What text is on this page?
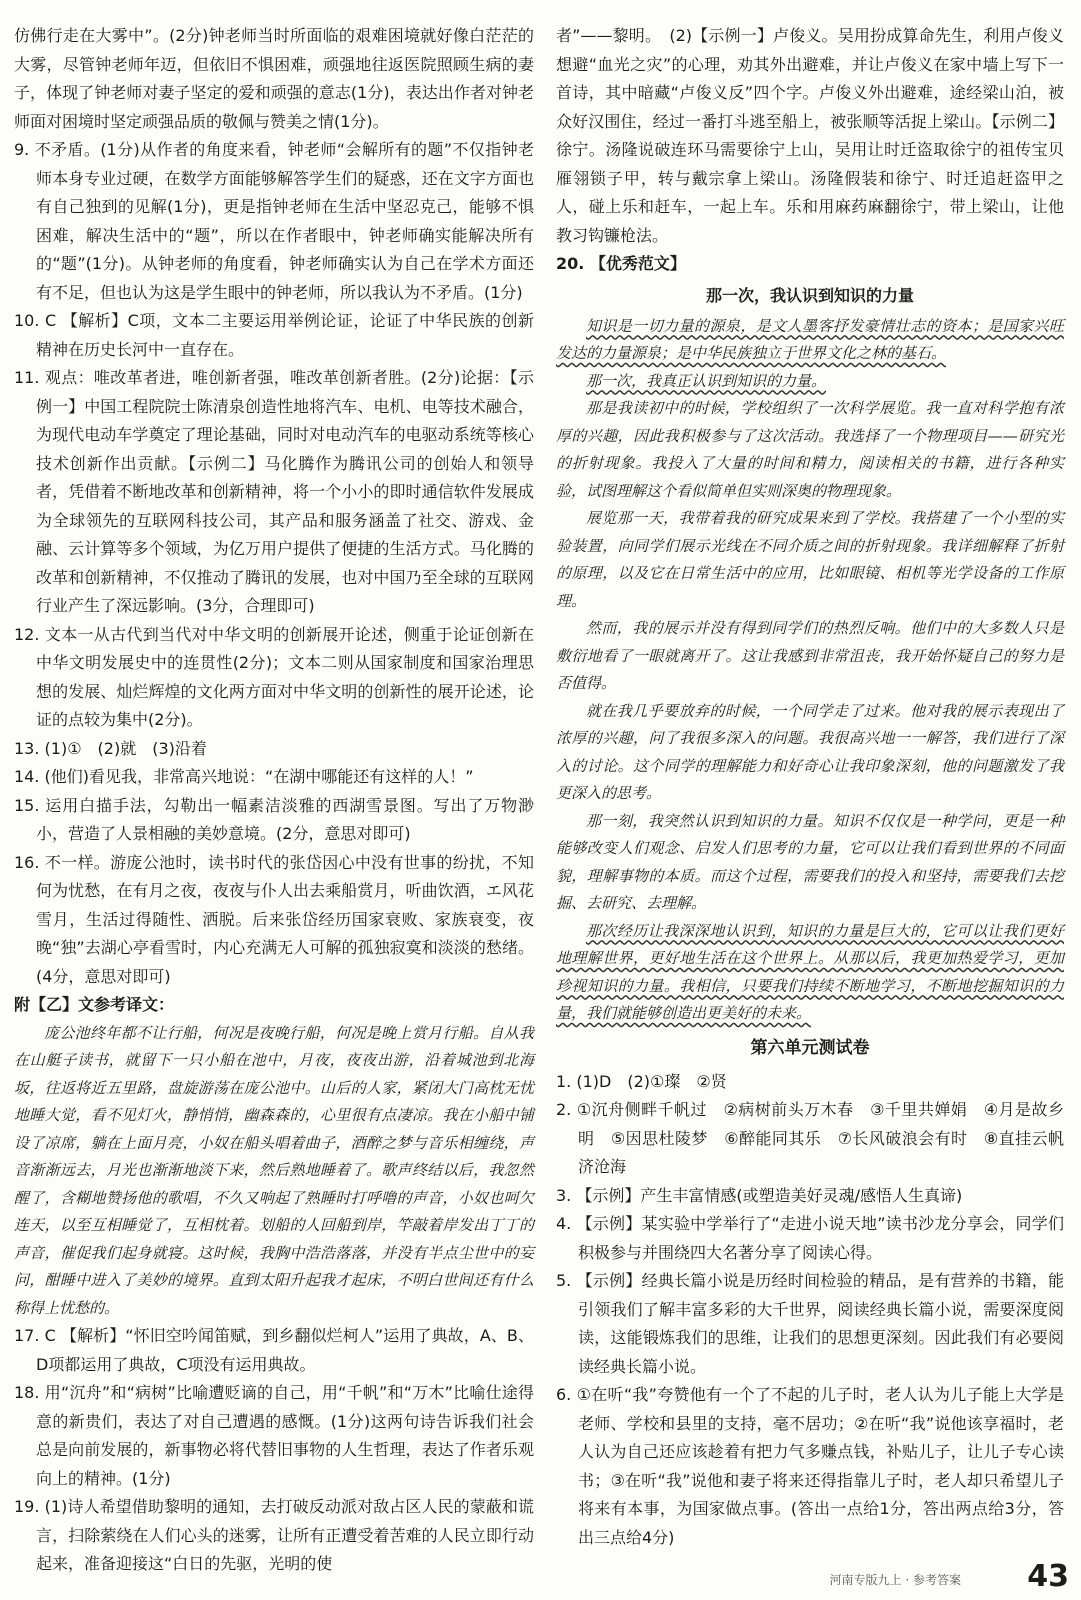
仿佛行走在大雾中”。(2分)钟老师当时所面临的艰难困境就好像白茫茫的大雾，尽管钟老师年迈，但依旧不惧困难，顽强地往返医院照顾生病的妻子，体现了钟老师对妻子坚定的爱和顽强的意志(1分)，表达出作者对钟老师面对困境时坚定顽强品质的敬佩与赞美之情(1分)。

9. 不矛盾。(1分)从作者的角度来看，钟老师“会解所有的题”不仅指钟老师本身专业过硬，在数学方面能够解答学生们的疑惑，还在文字方面也有自己独到的见解(1分)，更是指钟老师在生活中坚忍克己，能够不惧困难，解决生活中的“题”，所以在作者眼中，钟老师确实能解决所有的“题”(1分)。从钟老师的角度看，钟老师确实认为自己在学术方面还有不足，但也认为这是学生眼中的钟老师，所以我认为不矛盾。(1分)

10. C 【解析】C项，文本二主要运用举例论证，论证了中华民族的创新精神在历史长河中一直存在。

11. 观点：唯改革者进，唯创新者强，唯改革创新者胜。(2分)论据：【示例一】中国工程院院士陈清泉创造性地将汽车、电机、电等技术融合，为现代电动车学奠定了理论基础，同时对电动汽车的电驱动系统等核心技术创新作出贡献。【示例二】马化腾作为腾讯公司的创始人和领导者，凭借着不断地改革和创新精神，将一个小小的即时通信软件发展成为全球领先的互联网科技公司，其产品和服务涵盖了社交、游戏、金融、云计算等多个领域，为亿万用户提供了便捷的生活方式。马化腾的改革和创新精神，不仅推动了腾讯的发展，也对中国乃至全球的互联网行业产生了深远影响。(3分，合理即可)

12. 文本一从古代到当代对中华文明的创新展开论述，侧重于论证创新在中华文明发展史中的连贯性(2分)；文本二则从国家制度和国家治理思想的发展、灿烂辉煌的文化两方面对中华文明的创新性的展开论述，论证的点较为集中(2分)。

13. (1)①　(2)就　(3)沿着

14. (他们)看见我，非常高兴地说：“在湖中哪能还有这样的人！”

15. 运用白描手法，勾勒出一幅素洁淡雅的西湖雪景图。写出了万物渺小，营造了人景相融的美妙意境。(2分，意思对即可)

16. 不一样。游庞公池时，读书时代的张岱因心中没有世事的纷扰，不知何为忧愁，在有月之夜，夜夜与仆人出去乘船赏月，听曲饮酒，エ风花雪月，生活过得随性、洒脱。后来张岱经历国家衰败、家族衰变，夜晚“独”去湖心亭看雪时，内心充满无人可解的孤独寂寞和淡淡的愁绪。(4分，意思对即可)

附【乙】文参考译文：

庞公池终年都不让行船，何况是夜晚行船，何况是晚上赏月行船。自从我在山艇子读书，就留下一只小船在池中，月夜，夜夜出游，沿着城池到北海坂，往返将近五里路，盘旋游荡在庞公池中。山后的人家，紧闭大门高枕无忧地睡大觉，看不见灯火，静悄悄，幽森森的，心里很有点凄凉。我在小船中铺设了凉席，躺在上面月亮，小奴在船头唱着曲子，酒醉之梦与音乐相缠绕，声音渐渐远去，月光也渐渐地淡下来，然后熟地睡着了。歌声终结以后，我忽然醒了，含糊地赞扬他的歌唱，不久又响起了熟睡时打呼噜的声音，小奴也呵欠连天，以至互相睡觉了，互相枕着。划船的人回船到岸，竿敲着岸发出丁丁的声音，催促我们起身就寝。这时候，我胸中浩浩落落，并没有半点尘世中的妄问，酣睡中进入了美妙的境界。直到太阳升起我才起床，不明白世间还有什么称得上忧愁的。

17. C 【解析】“怀旧空吟闻笛赋，到乡翻似烂柯人”运用了典故，A、B、D项都运用了典故，C项没有运用典故。

18. 用“沉舟”和“病树”比喻遭贬谪的自己，用“千帆”和“万木”比喻仕途得意的新贵们，表达了对自己遭遇的感慨。(1分)这两句诗告诉我们社会总是向前发展的，新事物必将代替旧事物的人生哲理，表达了作者乐观向上的精神。(1分)

19. (1)诗人希望借助黎明的通知，去打破反动派对敌占区人民的蒙蔽和谎言，扫除萦绕在人们心头的迷雾，让所有正遭受着苦难的人民立即行动起来，准备迎接这“白日的先驱，光明的使

者”——黎明。　(2)【示例一】卢俊义。吴用扮成算命先生，利用卢俊义想避“血光之灾”的心理，劝其外出避难，并让卢俊义在家中墙上写下一首诗，其中暗藏“卢俊义反”四个字。卢俊义外出避难，途经梁山泊，被众好汉围住，经过一番打斗逃至船上，被张顺等活捉上梁山。【示例二】徐宁。汤隆说破连环马需要徐宁上山，吴用让时迁盗取徐宁的祖传宝贝雁翎锁子甲，转与戴宗拿上梁山。汤隆假装和徐宁、时迁追赶盗甲之人，碰上乐和赶车，一起上车。乐和用麻药麻翻徐宁，带上梁山，让他教习钩镰枪法。

20. 【优秀范文】

那一次，我认识到知识的力量

知识是一切力量的源泉，是文人墨客抒发豪情壮志的资本；是国家兴旺发达的力量源泉；是中华民族独立于世界文化之林的基石。

那一次，我真正认识到知识的力量。

那是我读初中的时候，学校组织了一次科学展览。我一直对科学抱有浓厚的兴趣，因此我积极参与了这次活动。我选择了一个物理项目——研究光的折射现象。我投入了大量的时间和精力，阅读相关的书籍，进行各种实验，试图理解这个看似简单但实则深奥的物理现象。

展览那一天，我带着我的研究成果来到了学校。我搭建了一个小型的实验装置，向同学们展示光线在不同介质之间的折射现象。我详细解释了折射的原理，以及它在日常生活中的应用，比如眼镜、相机等光学设备的工作原理。

然而，我的展示并没有得到同学们的热烈反响。他们中的大多数人只是敷衍地看了一眼就离开了。这让我感到非常沮丧，我开始怀疑自己的努力是否值得。

就在我几乎要放弃的时候，一个同学走了过来。他对我的展示表现出了浓厚的兴趣，问了我很多深入的问题。我很高兴地一一解答，我们进行了深入的讨论。这个同学的理解能力和好奇心让我印象深刻，他的问题激发了我更深入的思考。

那一刻，我突然认识到知识的力量。知识不仅仅是一种学问，更是一种能够改变人们观念、启发人们思考的力量，它可以让我们看到世界的不同面貌，理解事物的本质。而这个过程，需要我们的投入和坚持，需要我们去挖掘、去研究、去理解。

那次经历让我深深地认识到，知识的力量是巨大的，它可以让我们更好地理解世界，更好地生活在这个世界上。从那以后，我更加热爱学习，更加珍视知识的力量。我相信，只要我们持续不断地学习，不断地挖掘知识的力量，我们就能够创造出更美好的未来。

第六单元测试卷

1. (1)D　(2)①璨　②贤

2. ①沉舟侧畔千帆过　②病树前头万木春　③千里共婵娟　④月是故乡明　⑤因思杜陵梦　⑥醉能同其乐　⑦长风破浪会有时　⑧直挂云帆济沧海

3. 【示例】产生丰富情感(或塑造美好灵魂/感悟人生真谛)

4. 【示例】某实验中学举行了“走进小说天地”读书沙龙分享会，同学们积极参与并围绕四大名著分享了阅读心得。

5. 【示例】经典长篇小说是历经时间检验的精品，是有营养的书籍，能引领我们了解丰富多彩的大千世界，阅读经典长篇小说，需要深度阅读，这能锻炼我们的思维，让我们的思想更深刻。因此我们有必要阅读经典长篇小说。

6. ①在听“我”夸赞他有一个了不起的儿子时，老人认为儿子能上大学是老师、学校和县里的支持，毫不居功；②在听“我”说他该享福时，老人认为自己还应该趁着有把力气多赚点钱，补贴儿子，让儿子专心读书；③在听“我”说他和妻子将来还得指靠儿子时，老人却只希望儿子将来有本事，为国家做点事。(答出一点给1分，答出两点给3分，答出三点给4分)

河南专版九上 · 参考答案 43
